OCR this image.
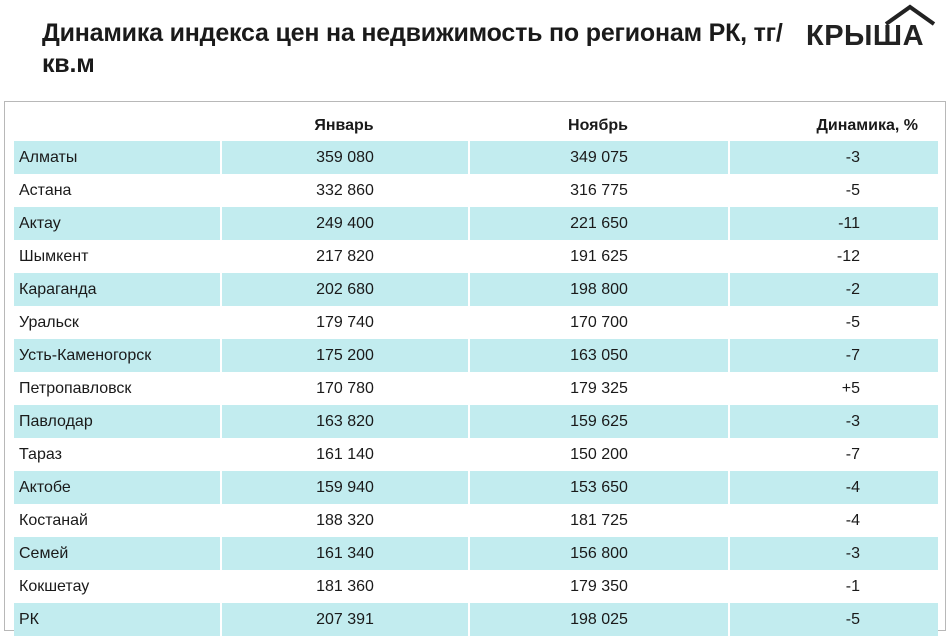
Динамика индекса цен на недвижимость по регионам РК, тг/кв.м
КРЫША
	Январь	Ноябрь	Динамика, %
Алматы	359 080	349 075	-3
Астана	332 860	316 775	-5
Актау	249 400	221 650	-11
Шымкент	217 820	191 625	-12
Караганда	202 680	198 800	-2
Уральск	179 740	170 700	-5
Усть-Каменогорск	175 200	163 050	-7
Петропавловск	170 780	179 325	+5
Павлодар	163 820	159 625	-3
Тараз	161 140	150 200	-7
Актобе	159 940	153 650	-4
Костанай	188 320	181 725	-4
Семей	161 340	156 800	-3
Кокшетау	181 360	179 350	-1
РК	207 391	198 025	-5
